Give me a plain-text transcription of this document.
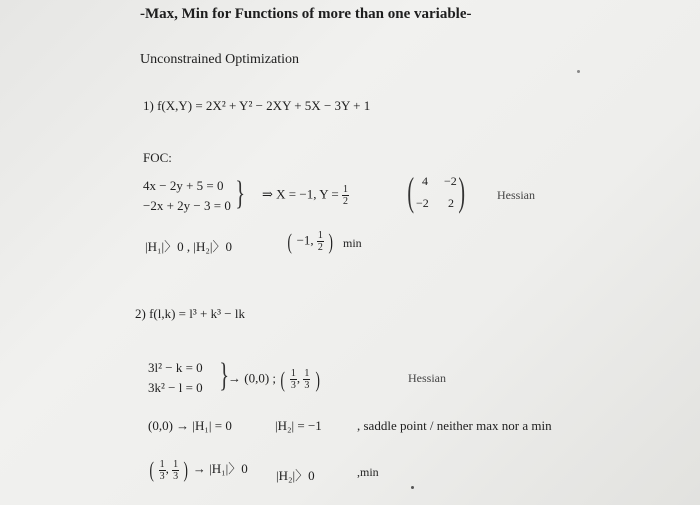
-Max, Min for Functions of more than one variable-
Unconstrained Optimization
1) f(X,Y) = 2X² + Y² − 2XY + 5X − 3Y + 1
FOC:
4x − 2y + 5 = 0
−2x + 2y − 3 = 0 } ⇒ X = −1, $Y = \frac{1}{2}$ ( 4 −2
−2 2 )	Hessian
|H₁|〉0 , |H₂|〉0	( −1, $\frac{1}{2}$ ) min
2) f(l,k) = l³ + k³ − lk
3l² − k = 0
3k² − l = 0 }
→ (0,0) ; ( $\frac{1}{3}$ , $\frac{1}{3}$ )	Hessian
(0,0) → |H₁| = 0	|H₂| = −1	, saddle point / neither max nor a min
( $\frac{1}{3}$ , $\frac{1}{3}$ ) → |H₁|〉0 |H₂|〉0	,min
